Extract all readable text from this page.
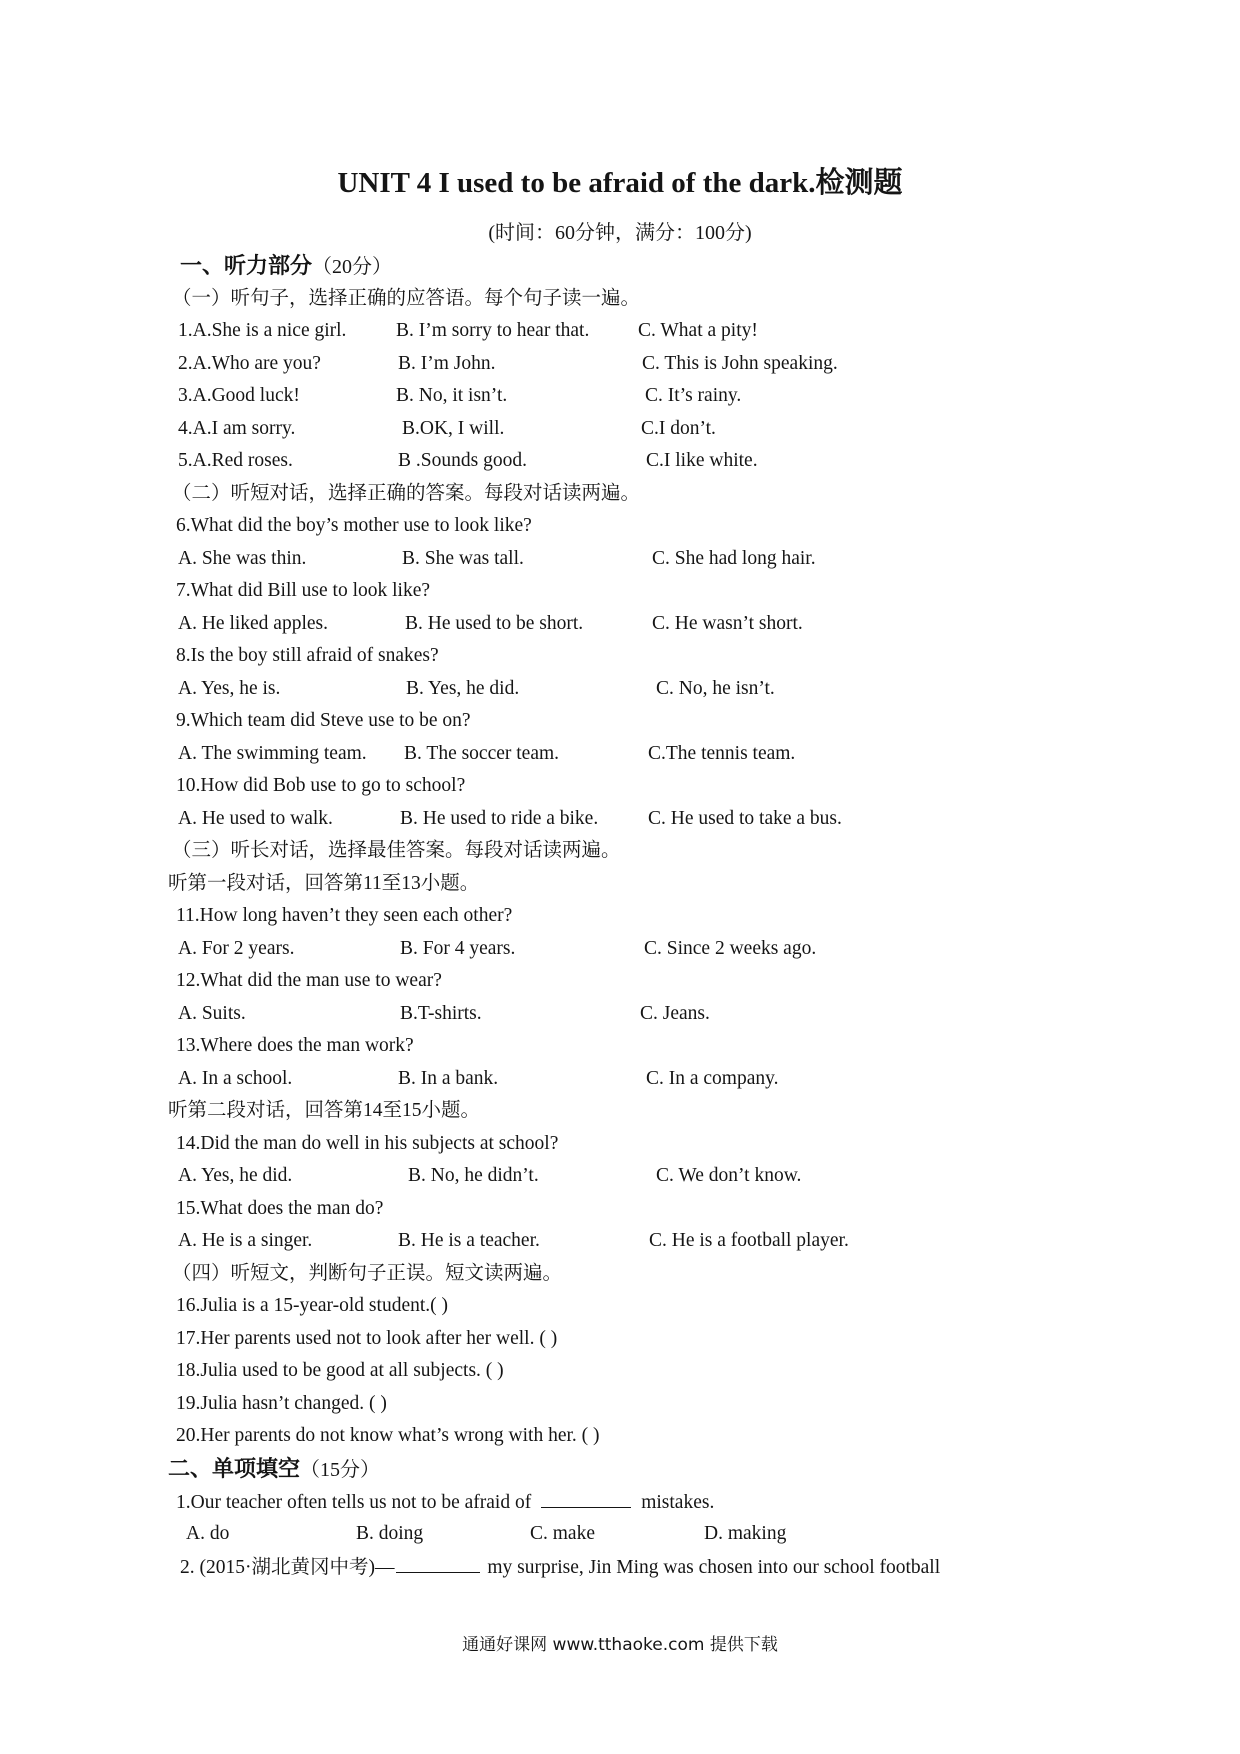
UNIT 4 I used to be afraid of the dark.检测题
(时间：60分钟，满分：100分)
一、听力部分（20分）
（一）听句子，选择正确的应答语。每个句子读一遍。
1.A.She is a nice girl.	B. I’m sorry to hear that. C. What a pity!
2.A.Who are you?	B. I’m John.	C. This is John speaking.
3.A.Good luck!	B. No, it isn’t.	C. It’s rainy.
4.A.I am sorry.	B.OK, I will.	C.I don’t.
5.A.Red roses.	B .Sounds good.	C.I like white.
（二）听短对话，选择正确的答案。每段对话读两遍。
6.What did the boy’s mother use to look like?
A. She was thin.	B. She was tall.	C. She had long hair.
7.What did Bill use to look like?
A. He liked apples.	B. He used to be short.	C. He wasn’t short.
8.Is the boy still afraid of snakes?
A. Yes, he is.	B. Yes, he did.	C. No, he isn’t.
9.Which team did Steve use to be on?
A. The swimming team. B. The soccer team.	C.The tennis team.
10.How did Bob use to go to school?
A. He used to walk.	B. He used to ride a bike.	C. He used to take a bus.
（三）听长对话，选择最佳答案。每段对话读两遍。
听第一段对话，回答第11至13小题。
11.How long haven’t they seen each other?
A. For 2 years.	B. For 4 years.	C. Since 2 weeks ago.
12.What did the man use to wear?
A. Suits.	B.T-shirts.	C. Jeans.
13.Where does the man work?
A. In a school.	B. In a bank.	C. In a company.
听第二段对话，回答第14至15小题。
14.Did the man do well in his subjects at school?
A. Yes, he did.	B. No, he didn’t.	C. We don’t know.
15.What does the man do?
A. He is a singer.	B. He is a teacher.	C. He is a football player.
（四）听短文，判断句子正误。短文读两遍。
16.Julia is a 15-year-old student.( )
17.Her parents used not to look after her well. ( )
18.Julia used to be good at all subjects. ( )
19.Julia hasn’t changed. ( )
20.Her parents do not know what’s wrong with her. ( )
二、单项填空（15分）
1.Our teacher often tells us not to be afraid of	mistakes.
A. do	B. doing	C. make	D. making
2. (2015·湖北黄冈中考)—	my surprise, Jin Ming was chosen into our school football
通通好课网 www.tthaoke.com 提供下载
